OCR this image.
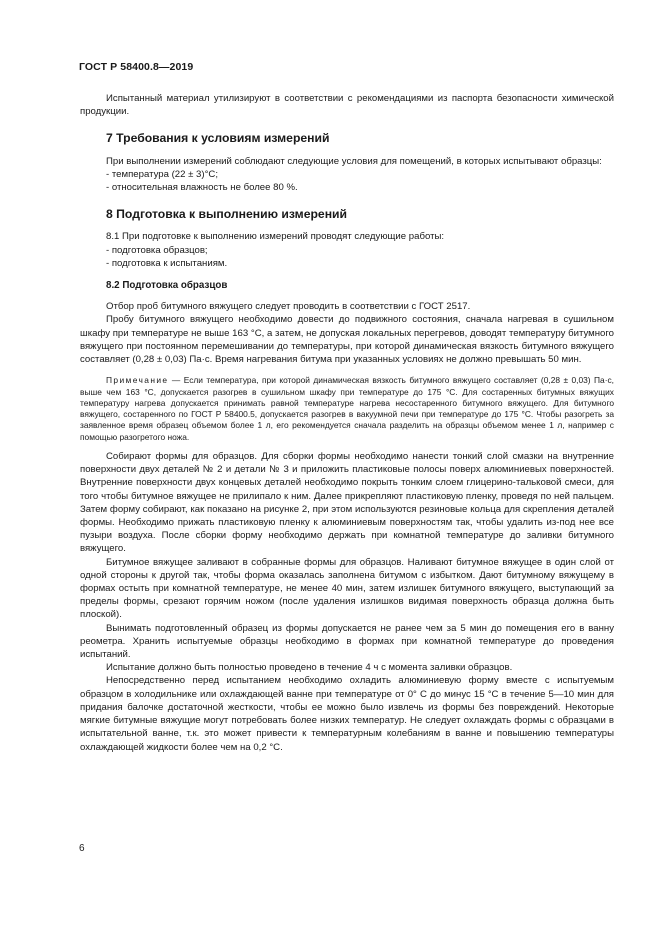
ГОСТ Р 58400.8—2019

Испытанный материал утилизируют в соответствии с рекомендациями из паспорта безопасности химической продукции.

7 Требования к условиям измерений

При выполнении измерений соблюдают следующие условия для помещений, в которых испытывают образцы:

- температура (22 ± 3)°С;
- относительная влажность не более 80 %.
8 Подготовка к выполнению измерений

8.1 При подготовке к выполнению измерений проводят следующие работы:

- подготовка образцов;
- подготовка к испытаниям.
8.2 Подготовка образцов

Отбор проб битумного вяжущего следует проводить в соответствии с ГОСТ 2517.

Пробу битумного вяжущего необходимо довести до подвижного состояния, сначала нагревая в сушильном шкафу при температуре не выше 163 °С, а затем, не допуская локальных перегревов, доводят температуру битумного вяжущего при постоянном перемешивании до температуры, при которой динамическая вязкость битумного вяжущего составляет (0,28 ± 0,03) Па·с. Время нагревания битума при указанных условиях не должно превышать 50 мин.

Примечание — Если температура, при которой динамическая вязкость битумного вяжущего составляет (0,28 ± 0,03) Па·с, выше чем 163 °С, допускается разогрев в сушильном шкафу при температуре до 175 °С. Для состаренных битумных вяжущих температуру нагрева допускается принимать равной температуре нагрева несостаренного битумного вяжущего. Для битумного вяжущего, состаренного по ГОСТ Р 58400.5, допускается разогрев в вакуумной печи при температуре до 175 °С. Чтобы разогреть за заявленное время образец объемом более 1 л, его рекомендуется сначала разделить на образцы объемом менее 1 л, например с помощью разогретого ножа.

Собирают формы для образцов. Для сборки формы необходимо нанести тонкий слой смазки на внутренние поверхности двух деталей № 2 и детали № 3 и приложить пластиковые полосы поверх алюминиевых поверхностей. Внутренние поверхности двух концевых деталей необходимо покрыть тонким слоем глицерино-тальковой смеси, для того чтобы битумное вяжущее не прилипало к ним. Далее прикрепляют пластиковую пленку, проведя по ней пальцем. Затем форму собирают, как показано на рисунке 2, при этом используются резиновые кольца для скрепления деталей формы. Необходимо прижать пластиковую пленку к алюминиевым поверхностям так, чтобы удалить из-под нее все пузыри воздуха. После сборки форму необходимо держать при комнатной температуре до заливки битумного вяжущего.

Битумное вяжущее заливают в собранные формы для образцов. Наливают битумное вяжущее в один слой от одной стороны к другой так, чтобы форма оказалась заполнена битумом с избытком. Дают битумному вяжущему в формах остыть при комнатной температуре, не менее 40 мин, затем излишек битумного вяжущего, выступающий за пределы формы, срезают горячим ножом (после удаления излишков видимая поверхность образца должна быть плоской).

Вынимать подготовленный образец из формы допускается не ранее чем за 5 мин до помещения его в ванну реометра. Хранить испытуемые образцы необходимо в формах при комнатной температуре до проведения испытаний.

Испытание должно быть полностью проведено в течение 4 ч с момента заливки образцов.

Непосредственно перед испытанием необходимо охладить алюминиевую форму вместе с испытуемым образцом в холодильнике или охлаждающей ванне при температуре от 0° С до минус 15 °С в течение 5—10 мин для придания балочке достаточной жесткости, чтобы ее можно было извлечь из формы без повреждений. Некоторые мягкие битумные вяжущие могут потребовать более низких температур. Не следует охлаждать формы с образцами в испытательной ванне, т.к. это может привести к температурным колебаниям в ванне и повышению температуры охлаждающей жидкости более чем на 0,2 °С.

6
